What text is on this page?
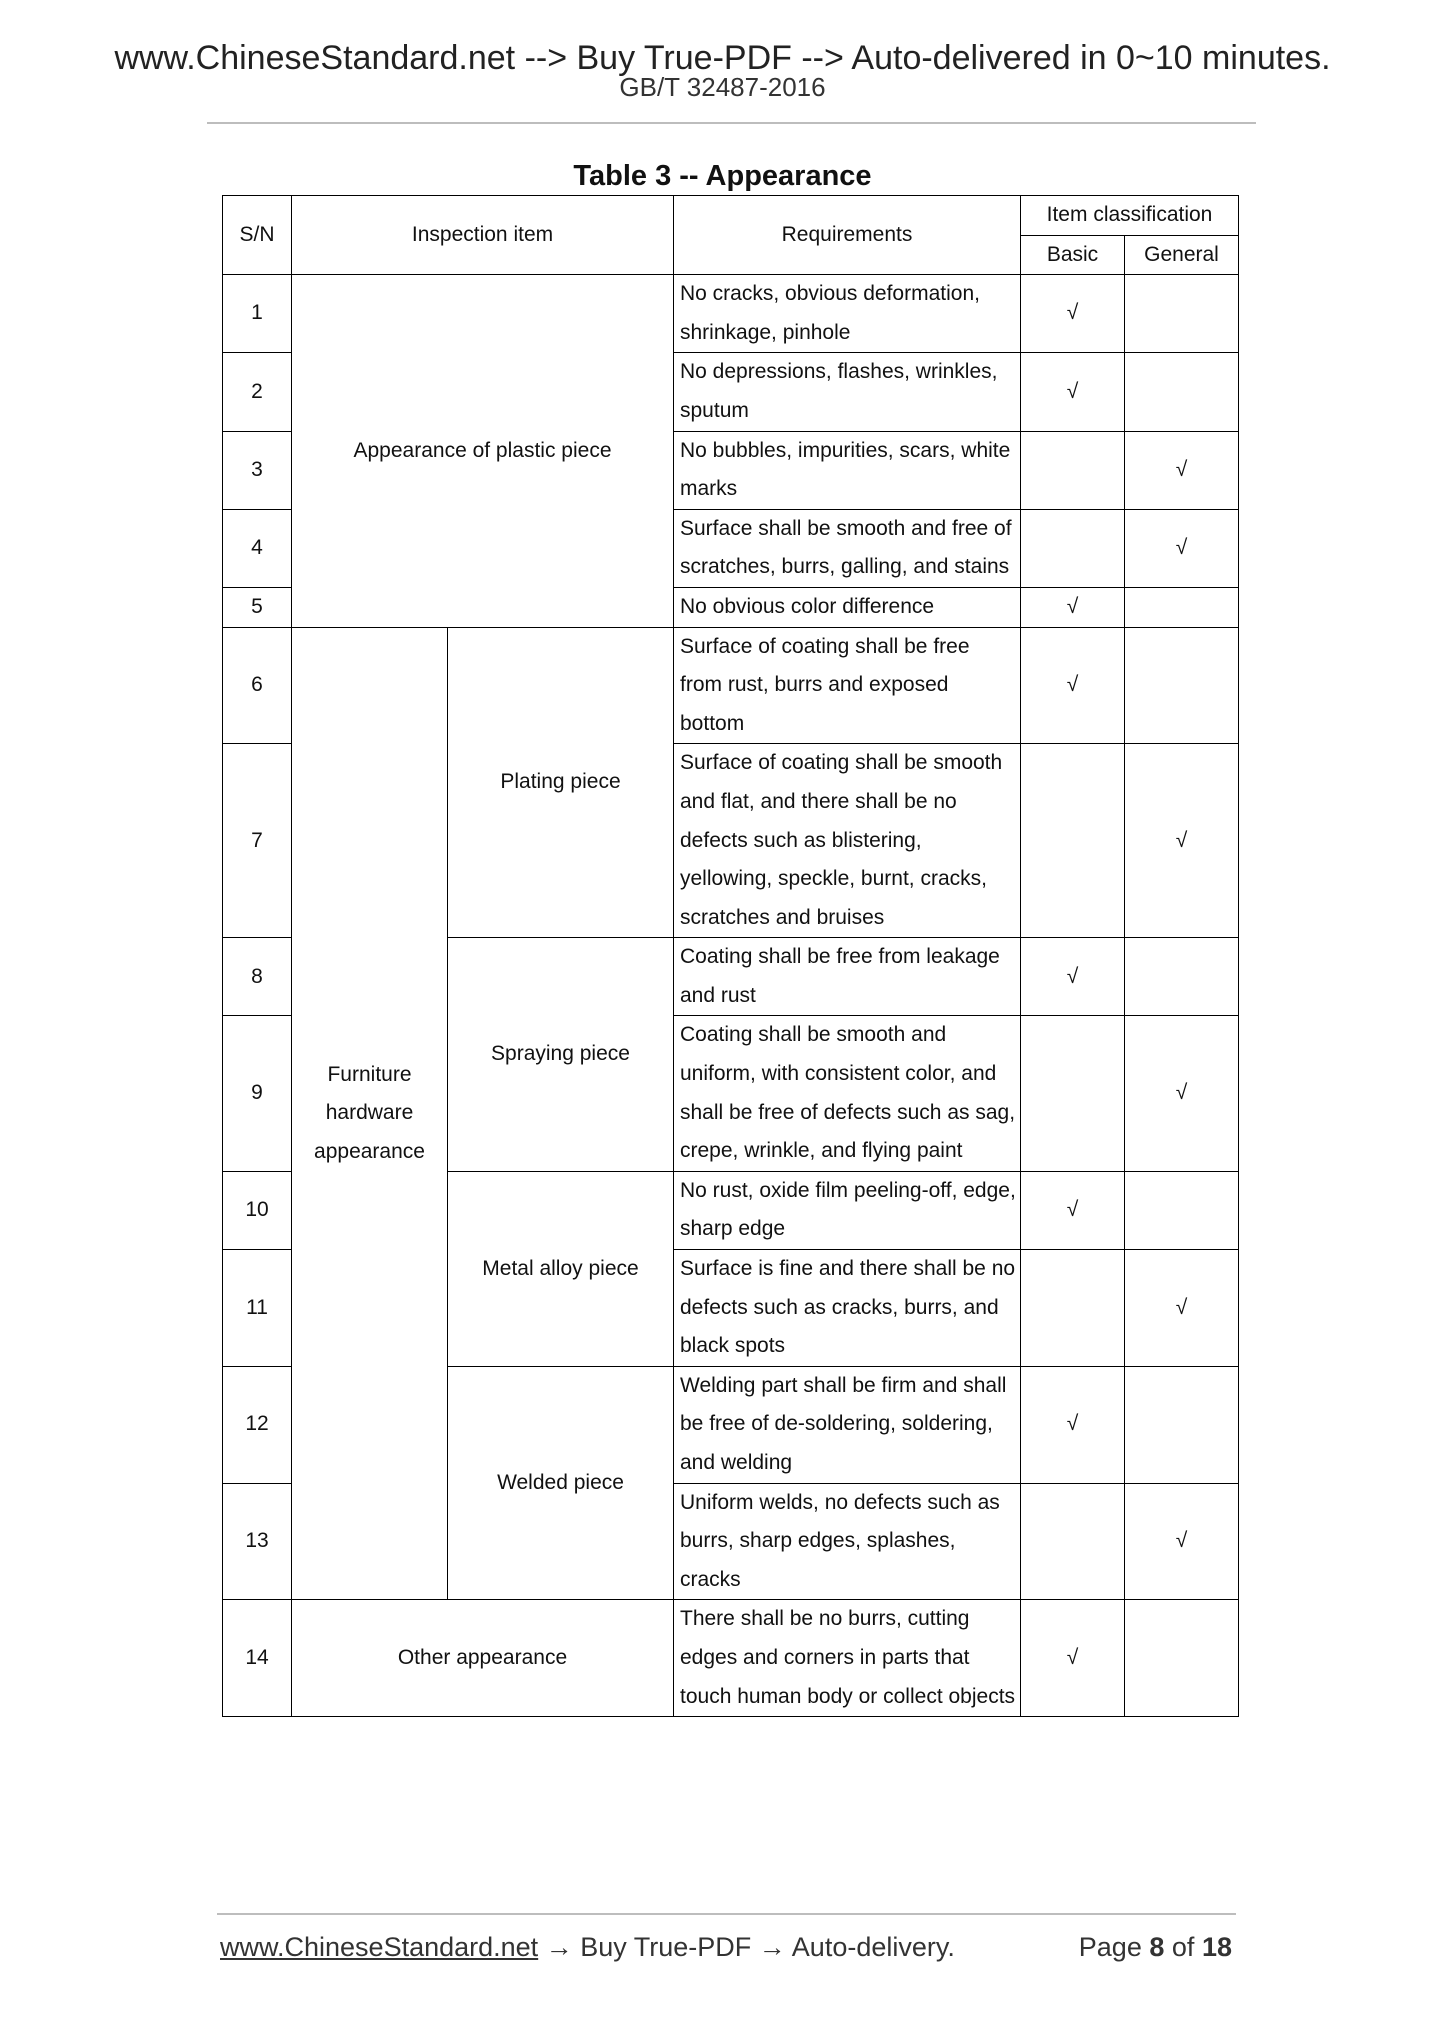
www.ChineseStandard.net --> Buy True-PDF --> Auto-delivered in 0~10 minutes.
GB/T 32487-2016
Table 3 -- Appearance
S/N	Inspection item		Requirements	Item classification	
				Basic	General
1	Appearance of plastic piece		No cracks, obvious deformation, shrinkage, pinhole	√	
2			No depressions, flashes, wrinkles, sputum	√	
3			No bubbles, impurities, scars, white marks		√
4			Surface shall be smooth and free of scratches, burrs, galling, and stains		√
5			No obvious color difference	√	
6	Furniture hardware appearance	Plating piece	Surface of coating shall be free from rust, burrs and exposed bottom	√	
7			Surface of coating shall be smooth and flat, and there shall be no defects such as blistering, yellowing, speckle, burnt, cracks, scratches and bruises		√
8		Spraying piece	Coating shall be free from leakage and rust	√	
9			Coating shall be smooth and uniform, with consistent color, and shall be free of defects such as sag, crepe, wrinkle, and flying paint		√
10		Metal alloy piece	No rust, oxide film peeling-off, edge, sharp edge	√	
11			Surface is fine and there shall be no defects such as cracks, burrs, and black spots		√
12		Welded piece	Welding part shall be firm and shall be free of de-soldering, soldering, and welding	√	
13			Uniform welds, no defects such as burrs, sharp edges, splashes, cracks		√
14	Other appearance		There shall be no burrs, cutting edges and corners in parts that touch human body or collect objects	√	
www.ChineseStandard.net → Buy True-PDF → Auto-delivery.	Page 8 of 18
